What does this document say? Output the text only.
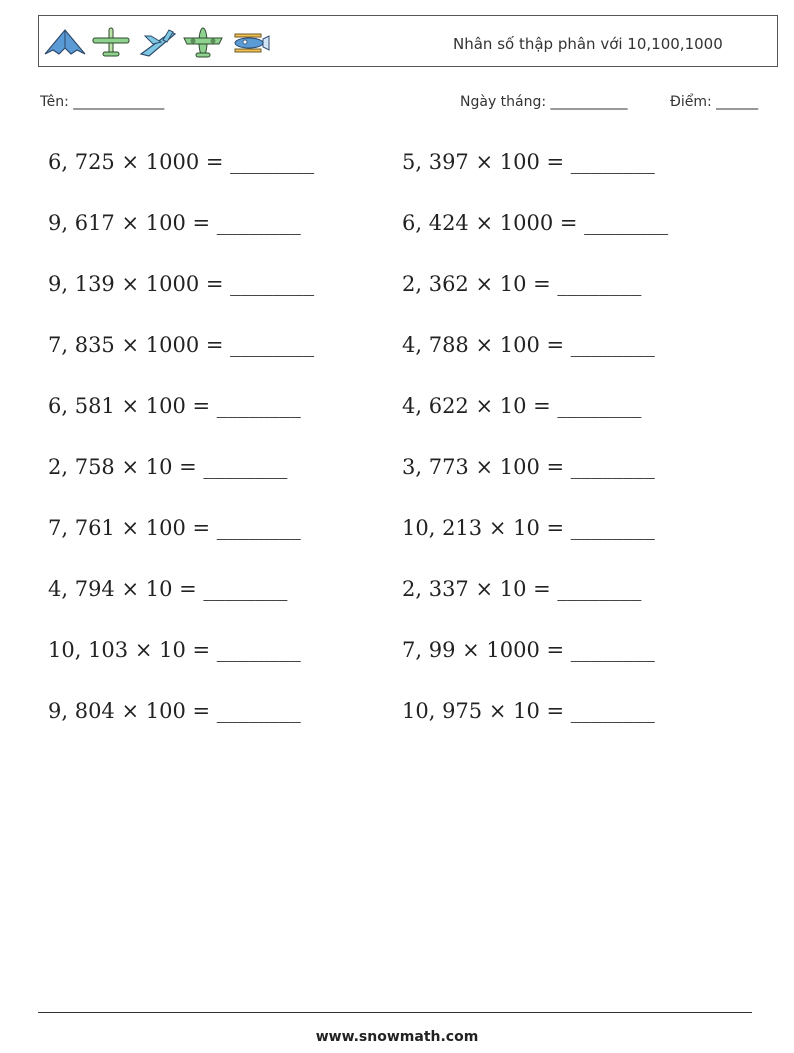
Nhân số thập phân với 10,100,1000
Tên: _____________	Ngày tháng: ___________	Điểm: ______
6, 725 × 1000 = ________
9, 617 × 100 = ________
9, 139 × 1000 = ________
7, 835 × 1000 = ________
6, 581 × 100 = ________
2, 758 × 10 = ________
7, 761 × 100 = ________
4, 794 × 10 = ________
10, 103 × 10 = ________
9, 804 × 100 = ________
5, 397 × 100 = ________
6, 424 × 1000 = ________
2, 362 × 10 = ________
4, 788 × 100 = ________
4, 622 × 10 = ________
3, 773 × 100 = ________
10, 213 × 10 = ________
2, 337 × 10 = ________
7, 99 × 1000 = ________
10, 975 × 10 = ________
www.snowmath.com
